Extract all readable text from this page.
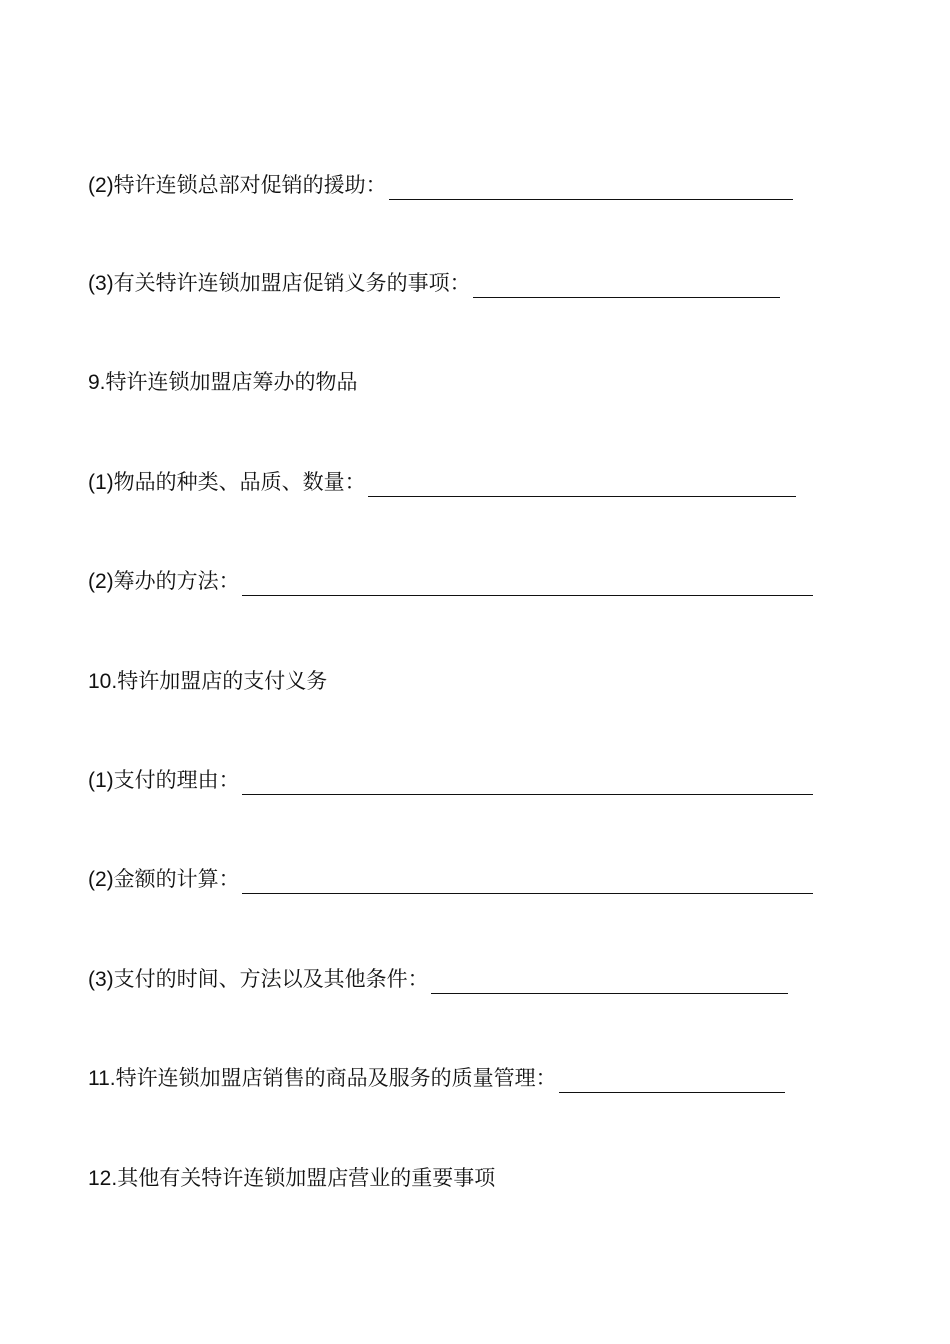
(2)特许连锁总部对促销的援助：
(3)有关特许连锁加盟店促销义务的事项：
9.特许连锁加盟店筹办的物品
(1)物品的种类、品质、数量：
(2)筹办的方法：
10.特许加盟店的支付义务
(1)支付的理由：
(2)金额的计算：
(3)支付的时间、方法以及其他条件：
11.特许连锁加盟店销售的商品及服务的质量管理：
12.其他有关特许连锁加盟店营业的重要事项
